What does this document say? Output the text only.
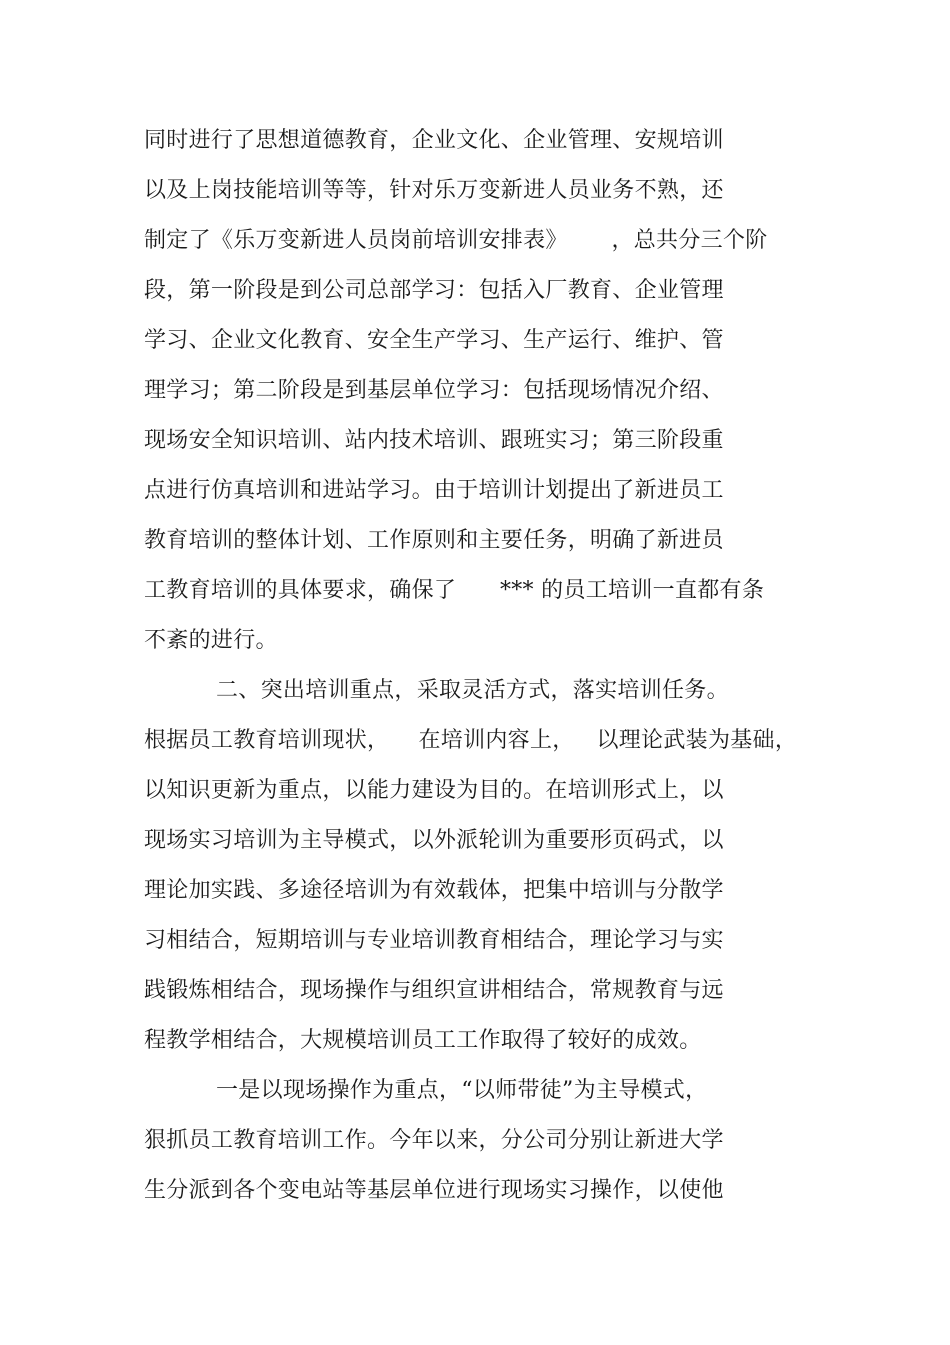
同时进行了思想道德教育，企业文化、企业管理、安规培训
以及上岗技能培训等等，针对乐万变新进人员业务不熟，还
制定了《乐万变新进人员岗前培训安排表》      ，总共分三个阶
段，第一阶段是到公司总部学习：包括入厂教育、企业管理
学习、企业文化教育、安全生产学习、生产运行、维护、管
理学习；第二阶段是到基层单位学习：包括现场情况介绍、
现场安全知识培训、站内技术培训、跟班实习；第三阶段重
点进行仿真培训和进站学习。由于培训计划提出了新进员工
教育培训的整体计划、工作原则和主要任务，明确了新进员
工教育培训的具体要求，确保了      *** 的员工培训一直都有条
不紊的进行。
二、突出培训重点，采取灵活方式，落实培训任务。
根据员工教育培训现状，    在培训内容上，   以理论武装为基础，
以知识更新为重点，以能力建设为目的。在培训形式上，以
现场实习培训为主导模式，以外派轮训为重要形页码式，以
理论加实践、多途径培训为有效载体，把集中培训与分散学
习相结合，短期培训与专业培训教育相结合，理论学习与实
践锻炼相结合，现场操作与组织宣讲相结合，常规教育与远
程教学相结合，大规模培训员工工作取得了较好的成效。
一是以现场操作为重点，“以师带徒”为主导模式，
狠抓员工教育培训工作。今年以来，分公司分别让新进大学
生分派到各个变电站等基层单位进行现场实习操作，以使他
